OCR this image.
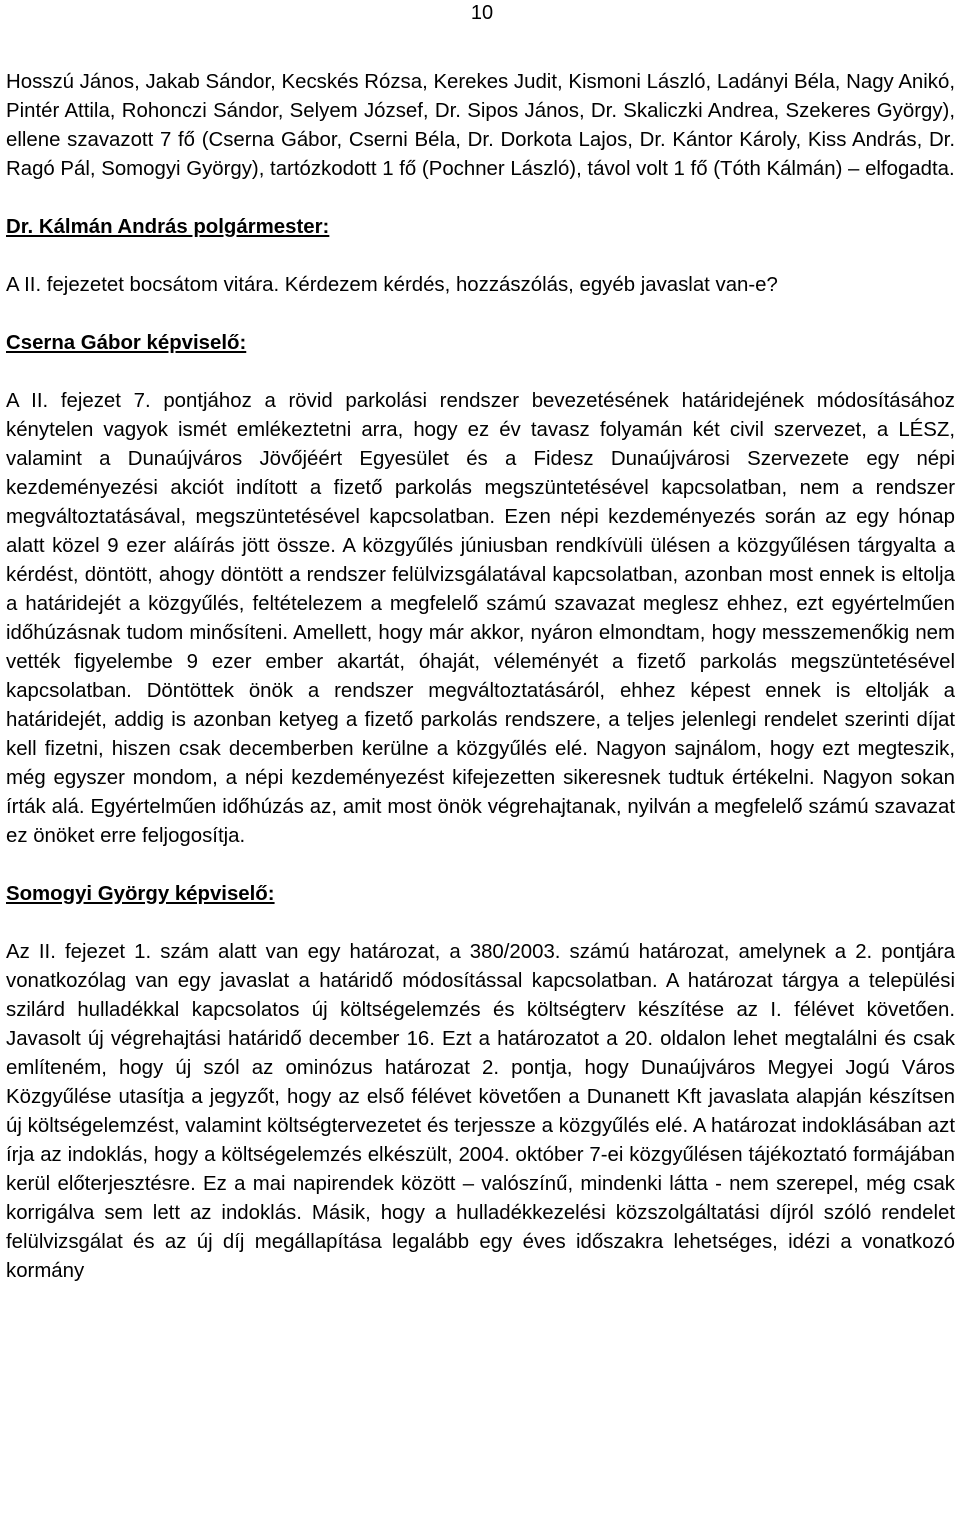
10

Hosszú János, Jakab Sándor, Kecskés Rózsa, Kerekes Judit, Kismoni László, Ladányi Béla, Nagy Anikó, Pintér Attila, Rohonczi Sándor, Selyem József, Dr. Sipos János, Dr. Skaliczki Andrea, Szekeres György), ellene szavazott 7 fő (Cserna Gábor, Cserni Béla, Dr. Dorkota Lajos, Dr. Kántor Károly, Kiss András, Dr. Ragó Pál, Somogyi György), tartózkodott 1 fő (Pochner László), távol volt 1 fő (Tóth Kálmán) – elfogadta.

Dr. Kálmán András polgármester:

A II. fejezetet bocsátom vitára. Kérdezem kérdés, hozzászólás, egyéb javaslat van-e?

Cserna Gábor képviselő:

A II. fejezet 7. pontjához a rövid parkolási rendszer bevezetésének határidejének módosításához kénytelen vagyok ismét emlékeztetni arra, hogy ez év tavasz folyamán két civil szervezet, a LÉSZ, valamint a Dunaújváros Jövőjéért Egyesület és a Fidesz Dunaújvárosi Szervezete egy népi kezdeményezési akciót indított a fizető parkolás megszüntetésével kapcsolatban, nem a rendszer megváltoztatásával, megszüntetésével kapcsolatban. Ezen népi kezdeményezés során az egy hónap alatt közel 9 ezer aláírás jött össze. A közgyűlés júniusban rendkívüli ülésen a közgyűlésen tárgyalta a kérdést, döntött, ahogy döntött a rendszer felülvizsgálatával kapcsolatban, azonban most ennek is eltolja a határidejét a közgyűlés, feltételezem a megfelelő számú szavazat meglesz ehhez, ezt egyértelműen időhúzásnak tudom minősíteni. Amellett, hogy már akkor, nyáron elmondtam, hogy messzemenőkig nem vették figyelembe 9 ezer ember akartát, óhaját, véleményét a fizető parkolás megszüntetésével kapcsolatban. Döntöttek önök a rendszer megváltoztatásáról, ehhez képest ennek is eltolják a határidejét, addig is azonban ketyeg a fizető parkolás rendszere, a teljes jelenlegi rendelet szerinti díjat kell fizetni, hiszen csak decemberben kerülne a közgyűlés elé. Nagyon sajnálom, hogy ezt megteszik, még egyszer mondom, a népi kezdeményezést kifejezetten sikeresnek tudtuk értékelni. Nagyon sokan írták alá. Egyértelműen időhúzás az, amit most önök végrehajtanak, nyilván a megfelelő számú szavazat ez önöket erre feljogosítja.

Somogyi György képviselő:

Az II. fejezet 1. szám alatt van egy határozat, a 380/2003. számú határozat, amelynek a 2. pontjára vonatkozólag van egy javaslat a határidő módosítással kapcsolatban. A határozat tárgya a települési szilárd hulladékkal kapcsolatos új költségelemzés és költségterv készítése az I. félévet követően. Javasolt új végrehajtási határidő december 16. Ezt a határozatot a 20. oldalon lehet megtalálni és csak említeném, hogy új szól az ominózus határozat 2. pontja, hogy Dunaújváros Megyei Jogú Város Közgyűlése utasítja a jegyzőt, hogy az első félévet követően a Dunanett Kft javaslata alapján készítsen új költségelemzést, valamint költségtervezetet és terjessze a közgyűlés elé. A határozat indoklásában azt írja az indoklás, hogy a költségelemzés elkészült, 2004. október 7-ei közgyűlésen tájékoztató formájában kerül előterjesztésre. Ez a mai napirendek között – valószínű, mindenki látta - nem szerepel, még csak korrigálva sem lett az indoklás. Másik, hogy a hulladékkezelési közszolgáltatási díjról szóló rendelet felülvizsgálat és az új díj megállapítása legalább egy éves időszakra lehetséges, idézi a vonatkozó kormány
